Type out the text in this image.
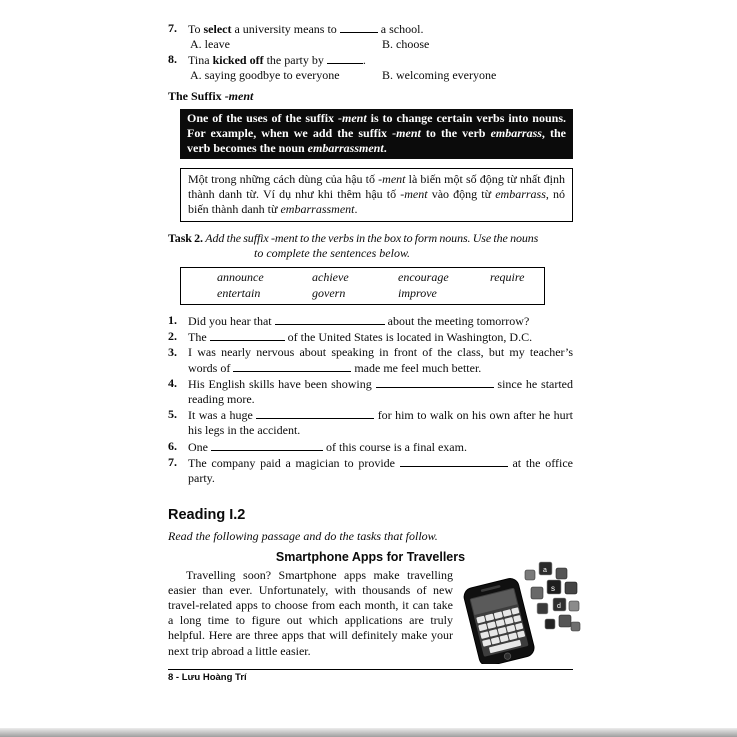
7. To select a university means to	a school.
A. leave	B. choose
8. Tina kicked off the party by	.
A. saying goodbye to everyone	B. welcoming everyone
The Suffix -ment
One of the uses of the suffix -ment is to change certain verbs into nouns. For example, when we add the suffix -ment to the verb embarrass, the verb becomes the noun embarrassment.
Một trong những cách dùng của hậu tố -ment là biến một số động từ nhất định thành danh từ. Ví dụ như khi thêm hậu tố -ment vào động từ embarrass, nó biến thành danh từ embarrassment.
Task 2. Add the suffix -ment to the verbs in the box to form nouns. Use the nouns
to complete the sentences below.
announce	achieve	encourage	require
entertain	govern	improve
1. Did you hear that	about the meeting tomorrow?
2. The	of the United States is located in Washington, D.C.
3. I was nearly nervous about speaking in front of the class, but my teacher’s words of	made me feel much better.
4. His English skills have been showing	since he started reading more.
5. It was a huge	for him to walk on his own after he hurt his legs in the accident.
6. One	of this course is a final exam.
7. The company paid a magician to provide	at the office party.
Reading I.2
Read the following passage and do the tasks that follow.
Smartphone Apps for Travellers
a
s
d
Travelling soon? Smartphone apps make travelling easier than ever. Unfortunately, with thousands of new travel-related apps to choose from each month, it can take a long time to figure out which applications are truly helpful. Here are three apps that will definitely make your next trip abroad a little easier.
8 - Lưu Hoàng Trí
